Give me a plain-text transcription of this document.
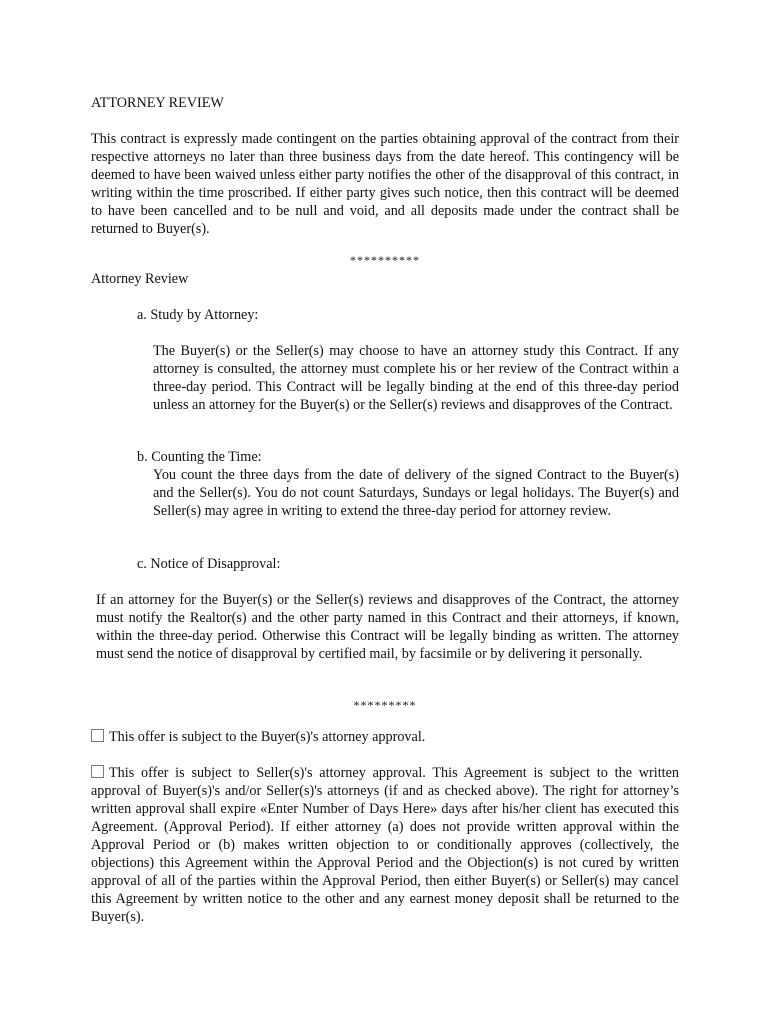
ATTORNEY REVIEW
This contract is expressly made contingent on the parties obtaining approval of the contract from their respective attorneys no later than three business days from the date hereof. This contingency will be deemed to have been waived unless either party notifies the other of the disapproval of this contract, in writing within the time proscribed. If either party gives such notice, then this contract will be deemed to have been cancelled and to be null and void, and all deposits made under the contract shall be returned to Buyer(s).
**********
Attorney Review
a. Study by Attorney:
The Buyer(s) or the Seller(s) may choose to have an attorney study this Contract. If any attorney is consulted, the attorney must complete his or her review of the Contract within a three-day period. This Contract will be legally binding at the end of this three-day period unless an attorney for the Buyer(s) or the Seller(s) reviews and disapproves of the Contract.
b. Counting the Time:
You count the three days from the date of delivery of the signed Contract to the Buyer(s) and the Seller(s). You do not count Saturdays, Sundays or legal holidays. The Buyer(s) and Seller(s) may agree in writing to extend the three-day period for attorney review.
c. Notice of Disapproval:
If an attorney for the Buyer(s) or the Seller(s) reviews and disapproves of the Contract, the attorney must notify the Realtor(s) and the other party named in this Contract and their attorneys, if known, within the three-day period. Otherwise this Contract will be legally binding as written. The attorney must send the notice of disapproval by certified mail, by facsimile or by delivering it personally.
*********
This offer is subject to the Buyer(s)'s attorney approval.
This offer is subject to Seller(s)'s attorney approval. This Agreement is subject to the written approval of Buyer(s)'s and/or Seller(s)'s attorneys (if and as checked above). The right for attorney’s written approval shall expire «Enter Number of Days Here» days after his/her client has executed this Agreement. (Approval Period). If either attorney (a) does not provide written approval within the Approval Period or (b) makes written objection to or conditionally approves (collectively, the objections) this Agreement within the Approval Period and the Objection(s) is not cured by written approval of all of the parties within the Approval Period, then either Buyer(s) or Seller(s) may cancel this Agreement by written notice to the other and any earnest money deposit shall be returned to the Buyer(s).
